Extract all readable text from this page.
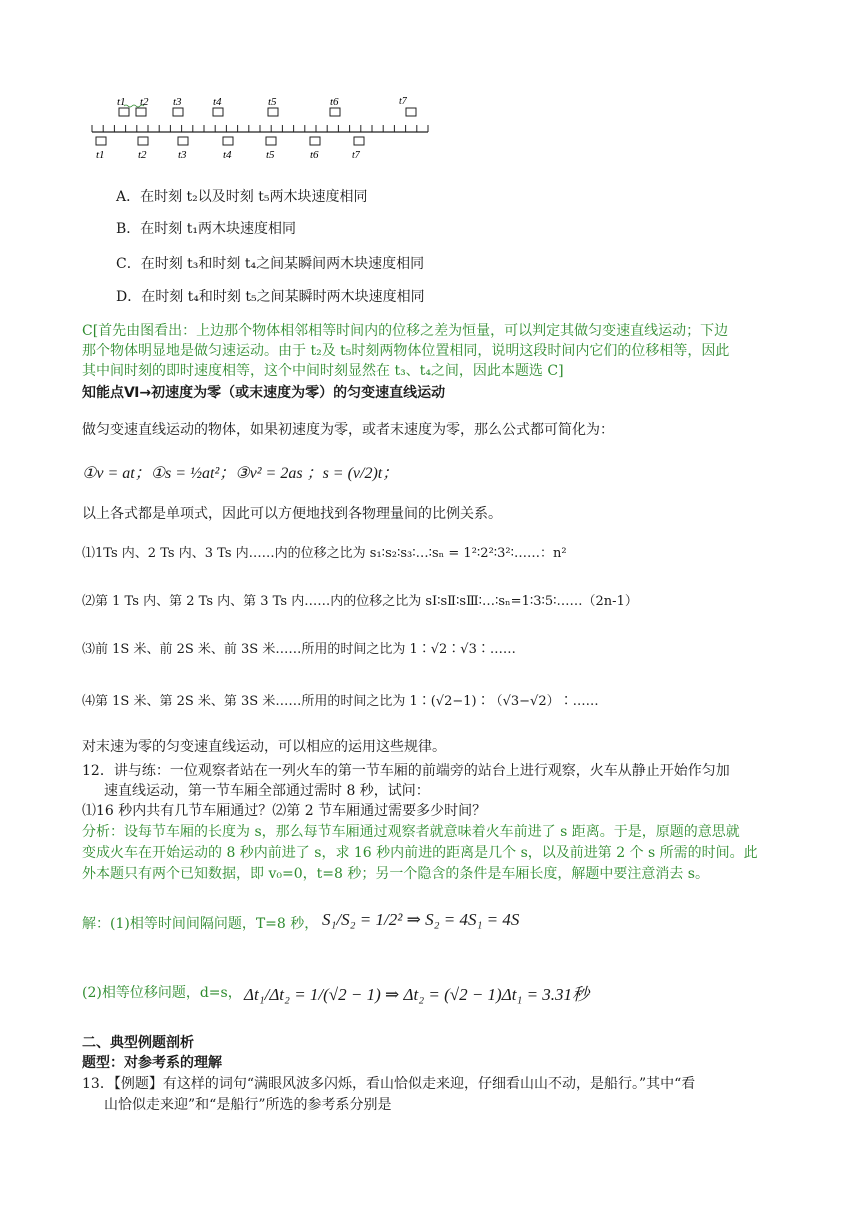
t1 t2 t3	t4	t5	t6	t7
t1	t2	t3	t4	t5	t6	t7
A．在时刻 t₂以及时刻 t₅两木块速度相同
B．在时刻 t₁两木块速度相同
C．在时刻 t₃和时刻 t₄之间某瞬间两木块速度相同
D．在时刻 t₄和时刻 t₅之间某瞬时两木块速度相同
C[首先由图看出：上边那个物体相邻相等时间内的位移之差为恒量，可以判定其做匀变速直线运动；下边
那个物体明显地是做匀速运动。由于 t₂及 t₅时刻两物体位置相同，说明这段时间内它们的位移相等，因此
其中间时刻的即时速度相等，这个中间时刻显然在 t₃、t₄之间，因此本题选 C]
知能点Ⅵ→初速度为零（或末速度为零）的匀变速直线运动
做匀变速直线运动的物体，如果初速度为零，或者末速度为零，那么公式都可简化为：
①v = at；①s = ½at²；③v² = 2as ；s = (v/2)t；
以上各式都是单项式，因此可以方便地找到各物理量间的比例关系。
⑴1Ts 内、2 Ts 内、3 Ts 内……内的位移之比为 s₁∶s₂∶s₃∶…∶sₙ = 1²∶2²∶3²∶……：n²
⑵第 1 Ts 内、第 2 Ts 内、第 3 Ts 内……内的位移之比为 sⅠ∶sⅡ∶sⅢ∶…∶sₙ=1∶3∶5∶……（2n-1）
⑶前 1S 米、前 2S 米、前 3S 米……所用的时间之比为 1∶√2∶√3∶……
⑷第 1S 米、第 2S 米、第 3S 米……所用的时间之比为 1∶(√2−1)∶（√3−√2）∶……
对末速为零的匀变速直线运动，可以相应的运用这些规律。
12．讲与练：一位观察者站在一列火车的第一节车厢的前端旁的站台上进行观察，火车从静止开始作匀加
速直线运动，第一节车厢全部通过需时 8 秒，试问：
⑴16 秒内共有几节车厢通过？⑵第 2 节车厢通过需要多少时间？
分析：设每节车厢的长度为 s，那么每节车厢通过观察者就意味着火车前进了 s 距离。于是，原题的意思就
变成火车在开始运动的 8 秒内前进了 s，求 16 秒内前进的距离是几个 s，以及前进第 2 个 s 所需的时间。此
外本题只有两个已知数据，即 v₀=0，t=8 秒；另一个隐含的条件是车厢长度，解题中要注意消去 s。
解：(1)相等时间间隔问题，T=8 秒， S₁/S₂ = 1/2² ⇒ S₂ = 4S₁ = 4S
(2)相等位移问题，d=s， Δt₁/Δt₂ = 1/(√2 − 1) ⇒ Δt₂ = (√2 − 1)Δt₁ = 3.31秒
二、典型例题剖析
题型：对参考系的理解
13．【例题】有这样的词句“满眼风波多闪烁，看山恰似走来迎，仔细看山山不动，是船行。”其中“看
山恰似走来迎”和“是船行”所选的参考系分别是
